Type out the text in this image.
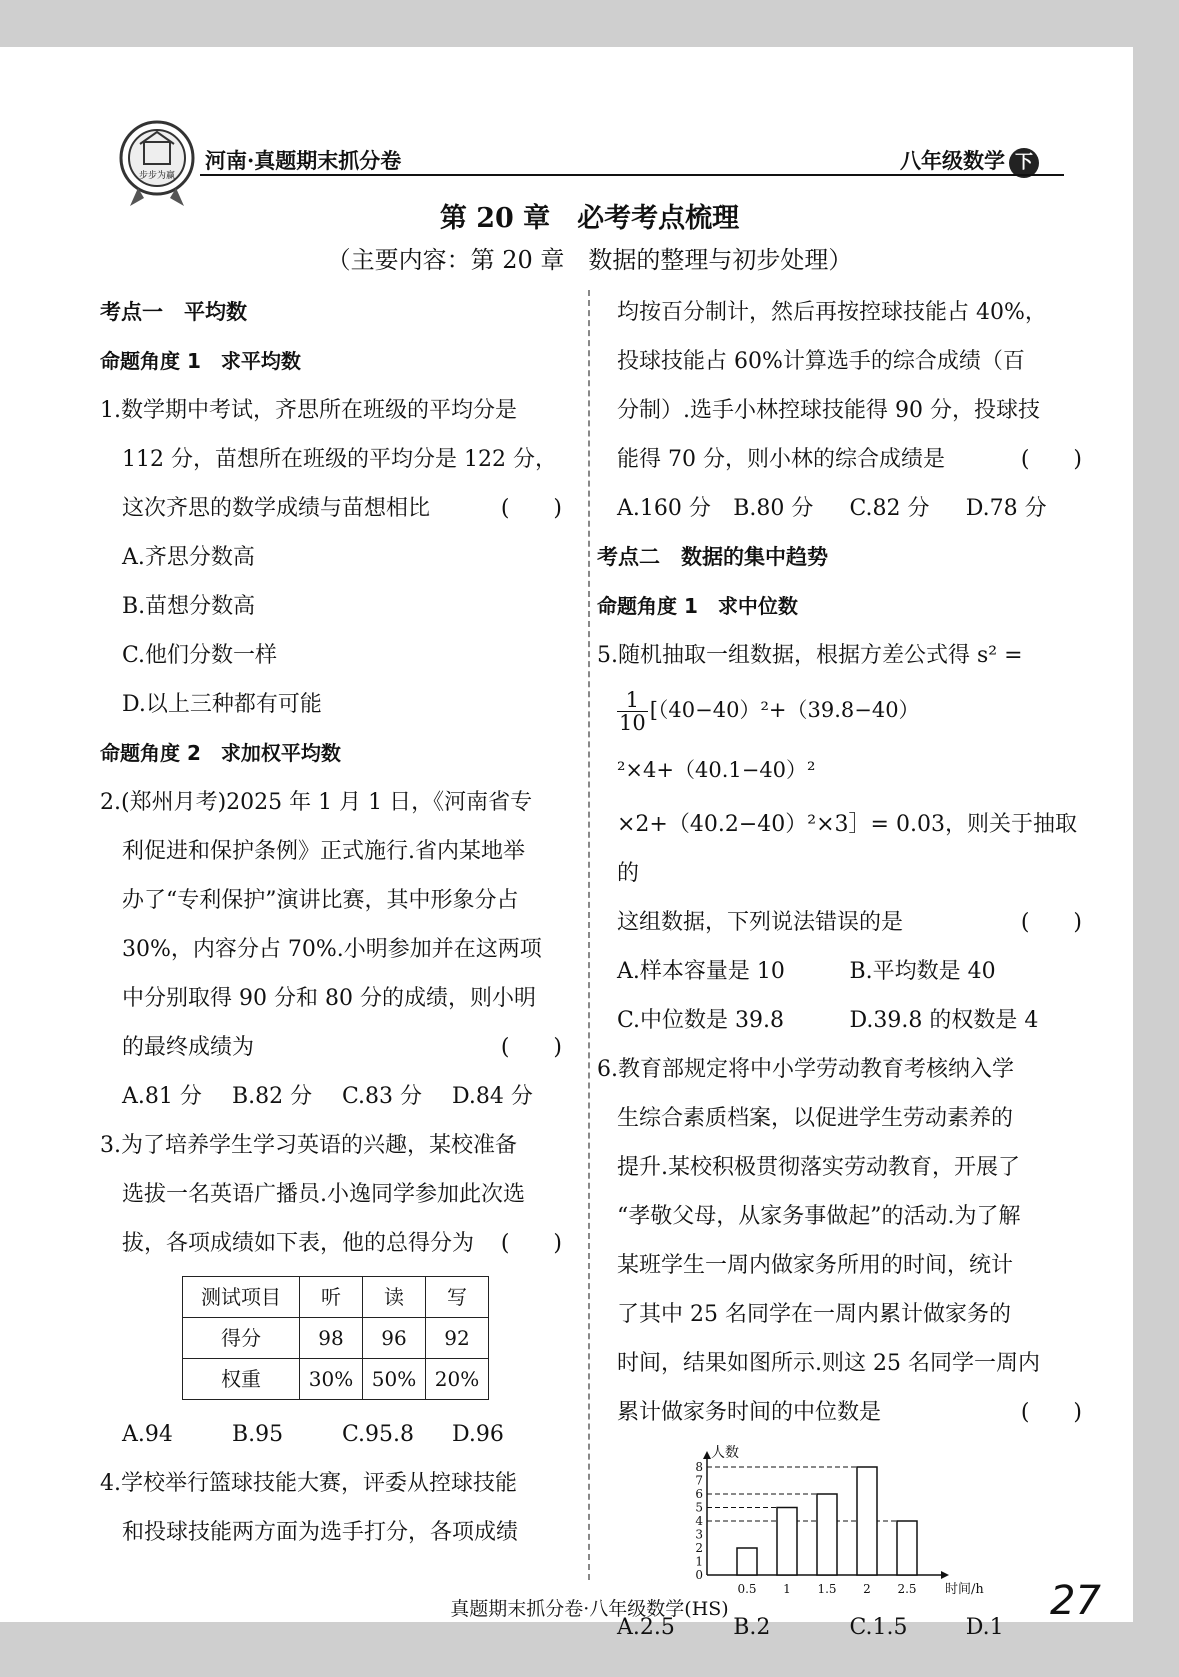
步步为赢
河南·真题期末抓分卷	八年级数学 下
第 20 章　必考考点梳理
（主要内容：第 20 章　数据的整理与初步处理）
考点一　平均数
命题角度 1　求平均数
1.数学期中考试，齐思所在班级的平均分是
112 分，苗想所在班级的平均分是 122 分，
这次齐思的数学成绩与苗想相比	(　　)
A.齐思分数高
B.苗想分数高
C.他们分数一样
D.以上三种都有可能
命题角度 2　求加权平均数
2.(郑州月考)2025 年 1 月 1 日，《河南省专
利促进和保护条例》正式施行.省内某地举
办了“专利保护”演讲比赛，其中形象分占
30%，内容分占 70%.小明参加并在这两项
中分别取得 90 分和 80 分的成绩，则小明
的最终成绩为	(　　)
A.81 分	B.82 分	C.83 分	D.84 分
3.为了培养学生学习英语的兴趣，某校准备
选拔一名英语广播员.小逸同学参加此次选
拔，各项成绩如下表，他的总得分为 (　　)
测试项目	听	读	写
得分	98	96	92
权重	30%	50%	20%
A.94	B.95	C.95.8	D.96
4.学校举行篮球技能大赛，评委从控球技能
和投球技能两方面为选手打分，各项成绩
均按百分制计，然后再按控球技能占 40%，
投球技能占 60%计算选手的综合成绩（百
分制）.选手小林控球技能得 90 分，投球技
能得 70 分，则小林的综合成绩是	(　　)
A.160 分	B.80 分	C.82 分	D.78 分
考点二　数据的集中趋势
命题角度 1　求中位数
5.随机抽取一组数据，根据方差公式得 s² =
$\frac{1}{10} [(40-40)^2+(39.8-40)^2\times 4+(40.1-40)^2$
×2+（40.2−40）²×3］= 0.03，则关于抽取的
这组数据，下列说法错误的是	(　　)
A.样本容量是 10	B.平均数是 40
C.中位数是 39.8	D.39.8 的权数是 4
6.教育部规定将中小学劳动教育考核纳入学
生综合素质档案，以促进学生劳动素养的
提升.某校积极贯彻落实劳动教育，开展了
“孝敬父母，从家务事做起”的活动.为了解
某班学生一周内做家务所用的时间，统计
了其中 25 名同学在一周内累计做家务的
时间，结果如图所示.则这 25 名同学一周内
累计做家务时间的中位数是	(　　)
0
1
2
3
4
5
6
7
8
人数
时间/h
0.5 1 1.5 2 2.5
A.2.5	B.2	C.1.5	D.1
真题期末抓分卷·八年级数学(HS)	27
